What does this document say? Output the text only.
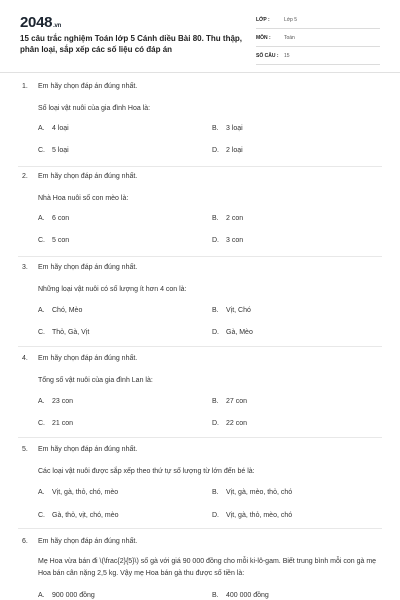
2048.vn
15 câu trắc nghiệm Toán lớp 5 Cánh diều Bài 80. Thu thập, phân loại, sắp xếp các số liệu có đáp án
LỚP :	Lớp 5
MÔN :	Toán
SỐ CÂU : 15
1. Em hãy chọn đáp án đúng nhất.
Số loại vật nuôi của gia đình Hoa là:
A. 4 loại	B. 3 loại
C. 5 loại	D. 2 loại
2. Em hãy chọn đáp án đúng nhất.
Nhà Hoa nuôi số con mèo là:
A. 6 con	B. 2 con
C. 5 con	D. 3 con
3. Em hãy chọn đáp án đúng nhất.
Những loại vật nuôi có số lượng ít hơn 4 con là:
A. Chó, Mèo	B. Vịt, Chó
C. Thỏ, Gà, Vịt	D. Gà, Mèo
4. Em hãy chọn đáp án đúng nhất.
Tổng số vật nuôi của gia đình Lan là:
A. 23 con	B. 27 con
C. 21 con	D. 22 con
5. Em hãy chọn đáp án đúng nhất.
Các loại vật nuôi được sắp xếp theo thứ tự số lượng từ lớn đến bé là:
A. Vịt, gà, thỏ, chó, mèo	B. Vịt, gà, mèo, thỏ, chó
C. Gà, thỏ, vịt, chó, mèo	D. Vịt, gà, thỏ, mèo, chó
6. Em hãy chọn đáp án đúng nhất.
Mẹ Hoa vừa bán đi \(\frac{2}{5}\) số gà với giá 90 000 đồng cho mỗi ki-lô-gam. Biết trung bình mỗi con gà mẹ Hoa bán cân nặng 2,5 kg. Vậy mẹ Hoa bán gà thu được số tiền là:
A. 900 000 đồng	B. 400 000 đồng
